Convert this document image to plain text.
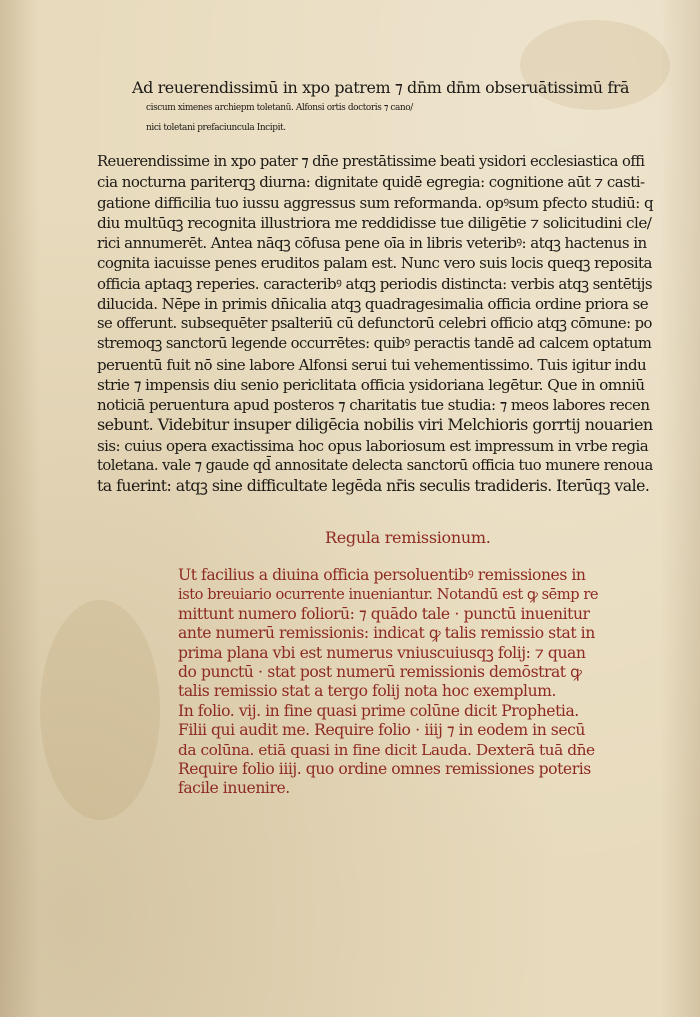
Ad reuerendissimū in xpo patrem ⁊ dn̄m dn̄m obseruātissimū frā
ciscum ximenes archiepm toletanū. Alfonsi ortis doctoris ⁊ cano/
nici toletani prefaciuncula Incipit.
Reuerendissime in xpo pater ⁊ dn̄e prestātissime beati ysidori ecclesiastica offi
cia nocturna pariterqꝫ diurna: dignitate quidē egregia: cognitione aūt ⁊ casti-
gatione difficilia tuo iussu aggressus sum reformanda. opꝰsum pfecto studiū: q
diu multūqꝫ recognita illustriora me reddidisse tue diligētie ⁊ solicitudini cle/
rici annumerēt. Antea nāqꝫ cōfusa pene oīa in libris veteribꝰ: atqꝫ hactenus in
cognita iacuisse penes eruditos palam est. Nunc vero suis locis queqꝫ reposita
officia aptaqꝫ reperies. caracteribꝰ atqꝫ periodis distincta: verbis atqꝫ sentētijs
dilucida. Nēpe in primis dn̄icalia atqꝫ quadragesimalia officia ordine priora se
se offerunt. subsequēter psalteriū cū defunctorū celebri officio atqꝫ cōmune: po
stremoqꝫ sanctorū legende occurrētes: quibꝰ peractis tandē ad calcem optatum
peruentū fuit nō sine labore Alfonsi serui tui vehementissimo. Tuis igitur indu
strie ⁊ impensis diu senio periclitata officia ysidoriana legētur. Que in omniū
noticiā peruentura apud posteros ⁊ charitatis tue studia: ⁊ meos labores recen
sebunt. Videbitur insuper diligēcia nobilis viri Melchioris gorrtij nouarien
sis: cuius opera exactissima hoc opus laboriosum est impressum in vrbe regia
toletana. vale ⁊ gaude qd̄ annositate delecta sanctorū officia tuo munere renoua
ta fuerint: atqꝫ sine difficultate legēda nr̄is seculis tradideris. Iterūqꝫ vale.
Regula remissionum.
Ut facilius a diuina officia persoluentibꝰ remissiones in
isto breuiario ocurrente inueniantur. Notandū est ꝙ sēmp re
mittunt numero foliorū: ⁊ quādo tale ⋅ punctū inuenitur
ante numerū remissionis: indicat ꝙ talis remissio stat in
prima plana vbi est numerus vniuscuiusqꝫ folij: ⁊ quan
do punctū ⋅ stat post numerū remissionis demōstrat ꝙ
talis remissio stat a tergo folij nota hoc exemplum.
In folio. vij. in fine quasi prime colūne dicit Prophetia.
Filii qui audit me. Require folio ⋅ iiij ⁊ in eodem in secū
da colūna. etiā quasi in fine dicit Lauda. Dexterā tuā dn̄e
Require folio iiij. quo ordine omnes remissiones poteris
facile inuenire.
